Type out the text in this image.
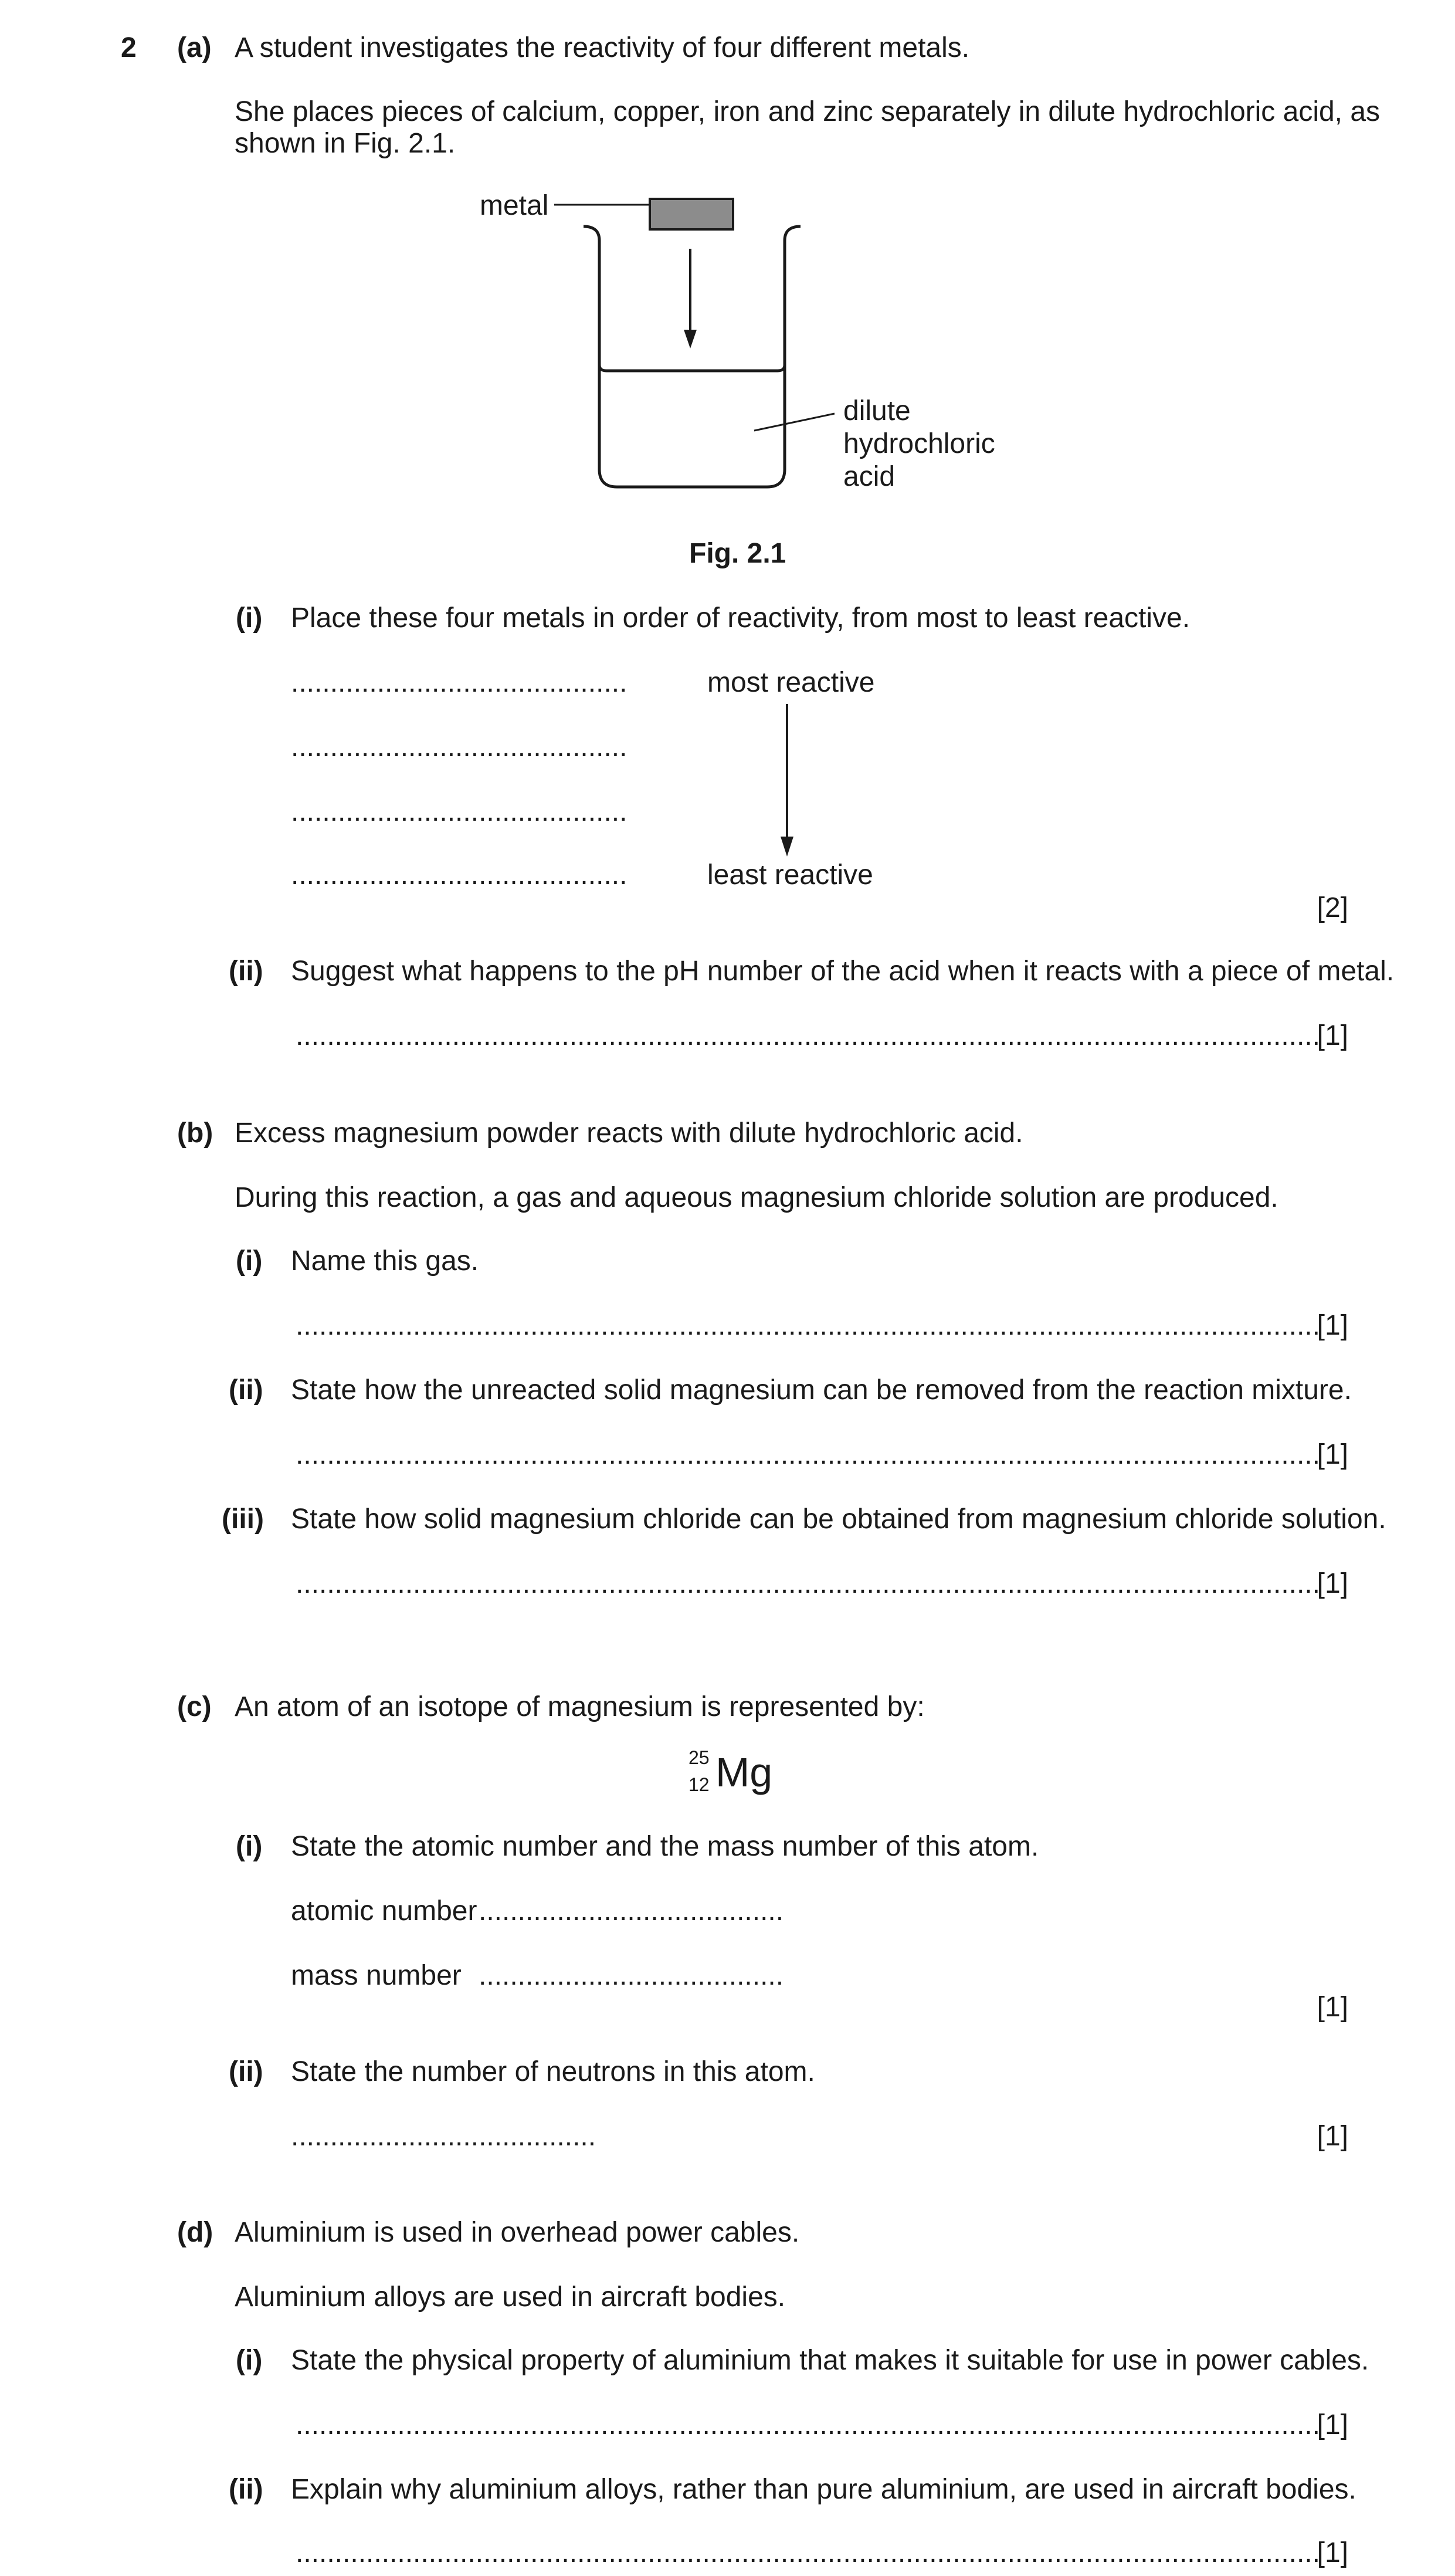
2 (a) A student investigates the reactivity of four different metals.
She places pieces of calcium, copper, iron and zinc separately in dilute hydrochloric acid, as
shown in Fig. 2.1.
metal
dilute
hydrochloric
acid
Fig. 2.1
(i) Place these four metals in order of reactivity, from most to least reactive.
...........................................
...........................................
...........................................
...........................................
most reactive
least reactive
[2]
(ii) Suggest what happens to the pH number of the acid when it reacts with a piece of metal.
...................................................................................................................................
[1]
(b) Excess magnesium powder reacts with dilute hydrochloric acid.
During this reaction, a gas and aqueous magnesium chloride solution are produced.
(i) Name this gas.
...................................................................................................................................
[1]
(ii) State how the unreacted solid magnesium can be removed from the reaction mixture.
...................................................................................................................................
[1]
(iii) State how solid magnesium chloride can be obtained from magnesium chloride solution.
...................................................................................................................................
[1]
(c) An atom of an isotope of magnesium is represented by:
25
12 Mg
(i) State the atomic number and the mass number of this atom.
atomic number .......................................
mass number .......................................
[1]
(ii) State the number of neutrons in this atom.
.......................................	[1]
(d) Aluminium is used in overhead power cables.
Aluminium alloys are used in aircraft bodies.
(i) State the physical property of aluminium that makes it suitable for use in power cables.
...................................................................................................................................
[1]
(ii) Explain why aluminium alloys, rather than pure aluminium, are used in aircraft bodies.
...................................................................................................................................
[1]
